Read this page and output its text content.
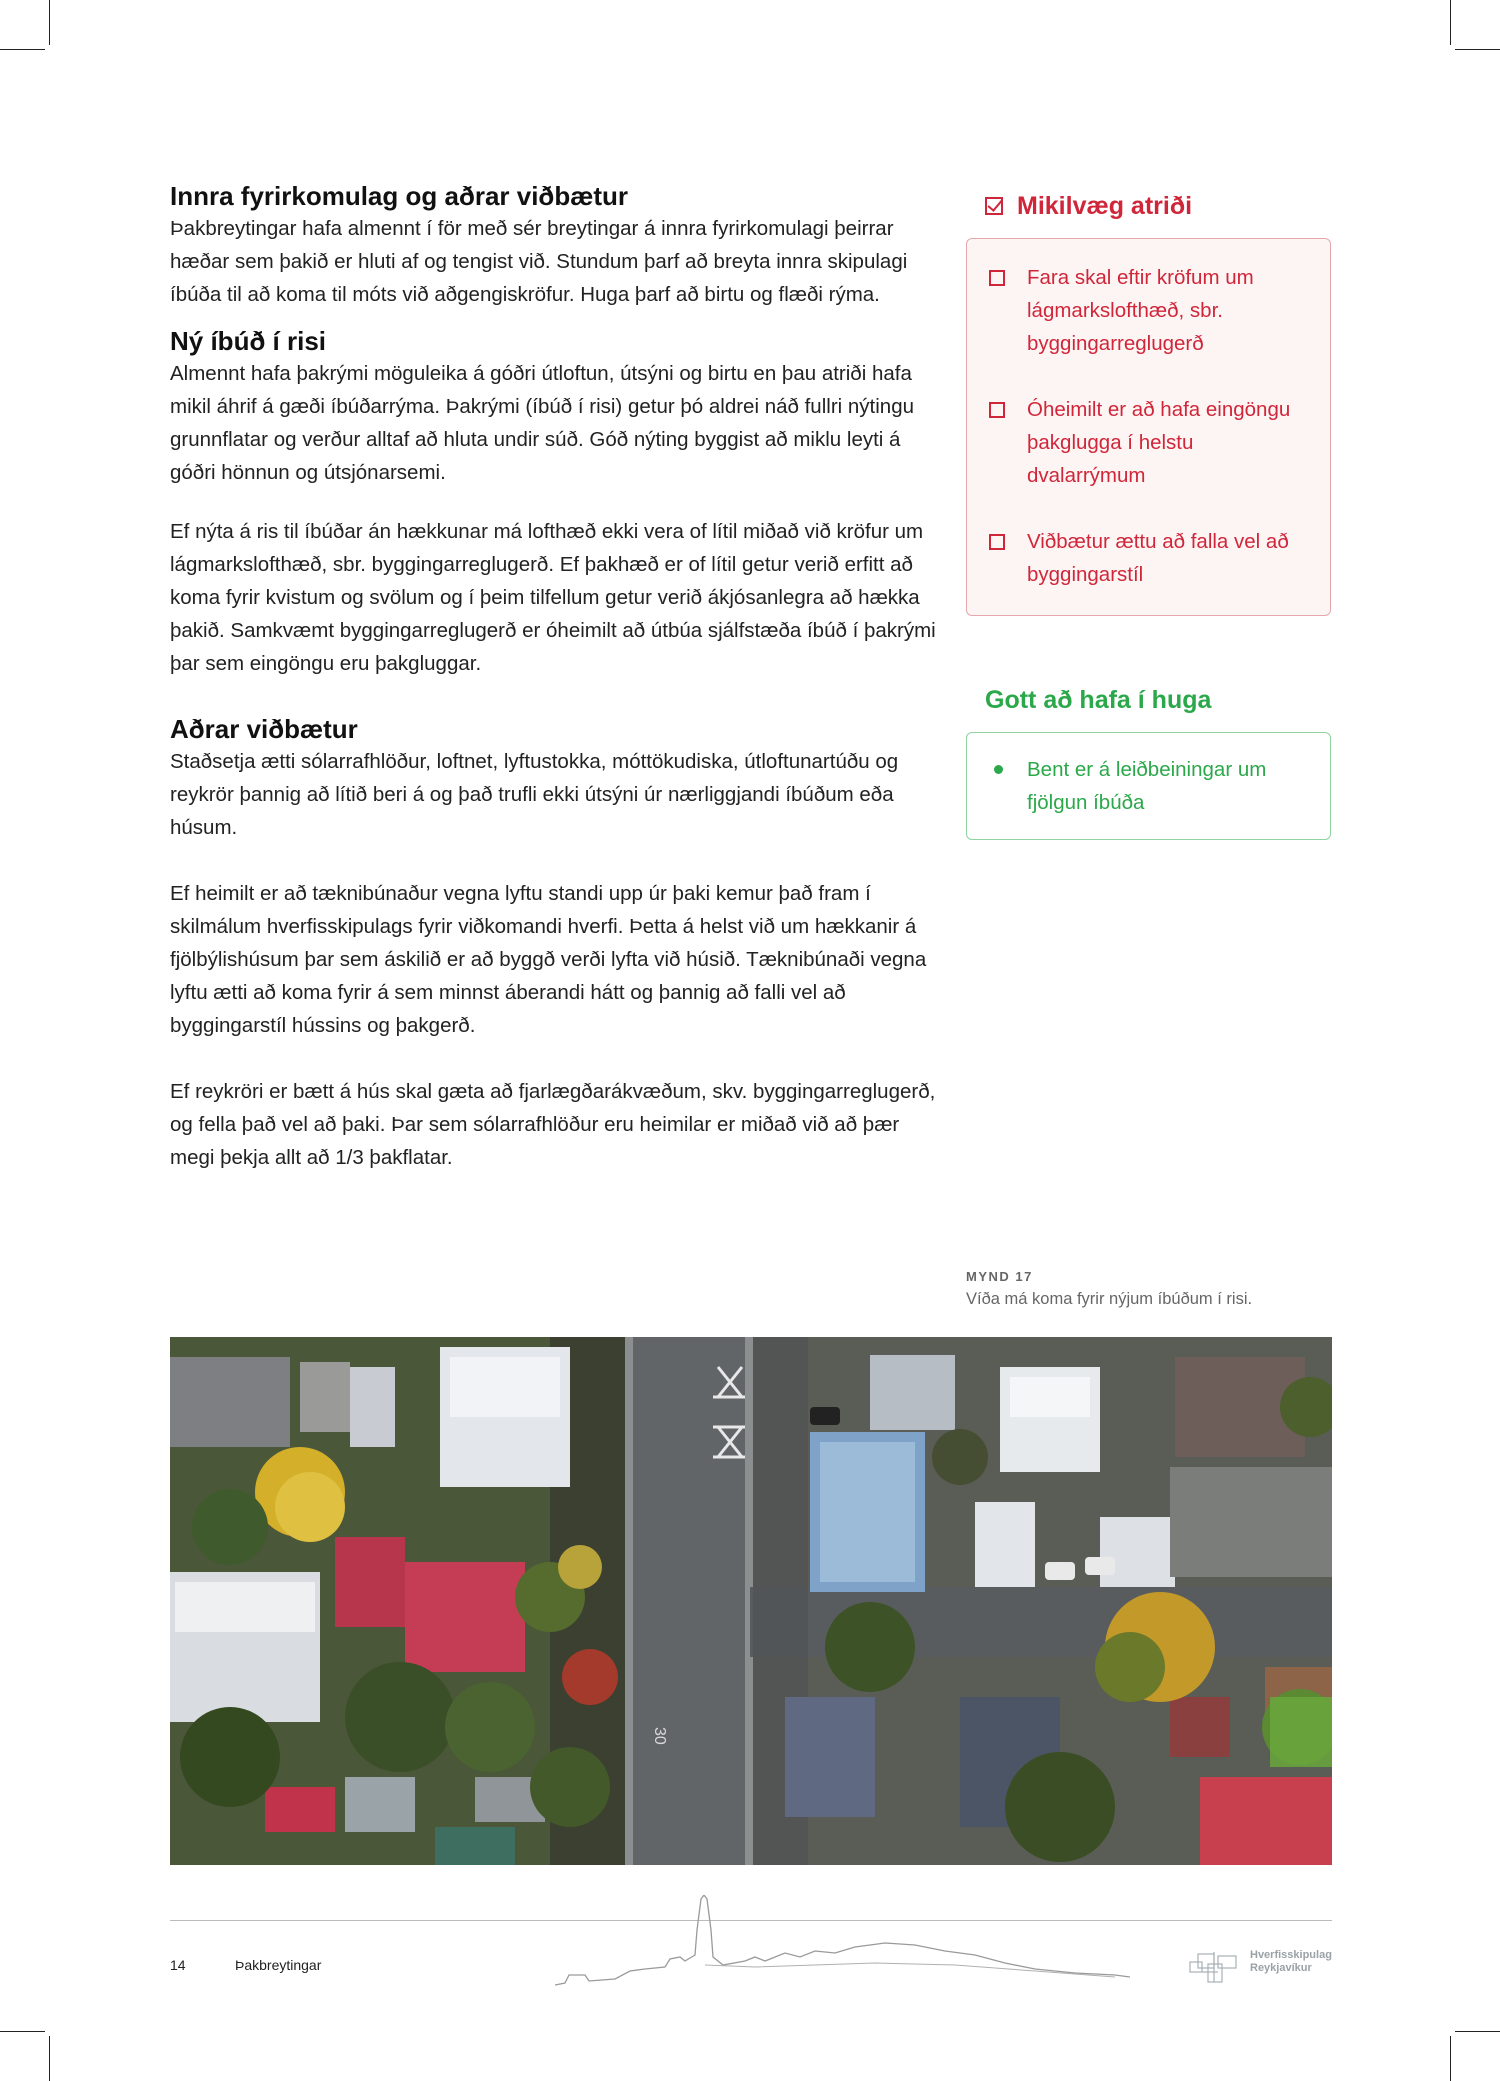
Innra fyrirkomulag og aðrar viðbætur

Þakbreytingar hafa almennt í för með sér breytingar á innra fyrirkomulagi þeirrar hæðar sem þakið er hluti af og tengist við. Stundum þarf að breyta innra skipulagi íbúða til að koma til móts við aðgengiskröfur. Huga þarf að birtu og flæði rýma.

Ný íbúð í risi

Almennt hafa þakrými möguleika á góðri útloftun, útsýni og birtu en þau atriði hafa mikil áhrif á gæði íbúðarrýma. Þakrými (íbúð í risi) getur þó aldrei náð fullri nýtingu grunnflatar og verður alltaf að hluta undir súð. Góð nýting byggist að miklu leyti á góðri hönnun og útsjónarsemi.

Ef nýta á ris til íbúðar án hækkunar má lofthæð ekki vera of lítil miðað við kröfur um lágmarkslofthæð, sbr. byggingarreglugerð. Ef þakhæð er of lítil getur verið erfitt að koma fyrir kvistum og svölum og í þeim tilfellum getur verið ákjósanlegra að hækka þakið. Samkvæmt byggingarreglugerð er óheimilt að útbúa sjálfstæða íbúð í þakrými þar sem eingöngu eru þakgluggar.

Aðrar viðbætur

Staðsetja ætti sólarrafhlöður, loftnet, lyftustokka, móttökudiska, útloftunartúðu og reykrör þannig að lítið beri á og það trufli ekki útsýni úr nærliggjandi íbúðum eða húsum.

Ef heimilt er að tæknibúnaður vegna lyftu standi upp úr þaki kemur það fram í skilmálum hverfisskipulags fyrir viðkomandi hverfi. Þetta á helst við um hækkanir á fjölbýlishúsum þar sem áskilið er að byggð verði lyfta við húsið. Tæknibúnaði vegna lyftu ætti að koma fyrir á sem minnst áberandi hátt og þannig að falli vel að byggingarstíl hússins og þakgerð.

Ef reykröri er bætt á hús skal gæta að fjarlægðarákvæðum, skv. byggingarreglugerð, og fella það vel að þaki. Þar sem sólarrafhlöður eru heimilar er miðað við að þær megi þekja allt að 1/3 þakflatar.

Mikilvæg atriði
Fara skal eftir kröfum um lágmarkslofthæð, sbr. byggingarreglugerð
Óheimilt er að hafa eingöngu þakglugga í helstu dvalarrýmum
Viðbætur ættu að falla vel að byggingarstíl
Gott að hafa í huga
Bent er á leiðbeiningar um fjölgun íbúða
MYND 17
Víða má koma fyrir nýjum íbúðum í risi.
30
14	Þakbreytingar
Hverfisskipulag
Reykjavíkur
